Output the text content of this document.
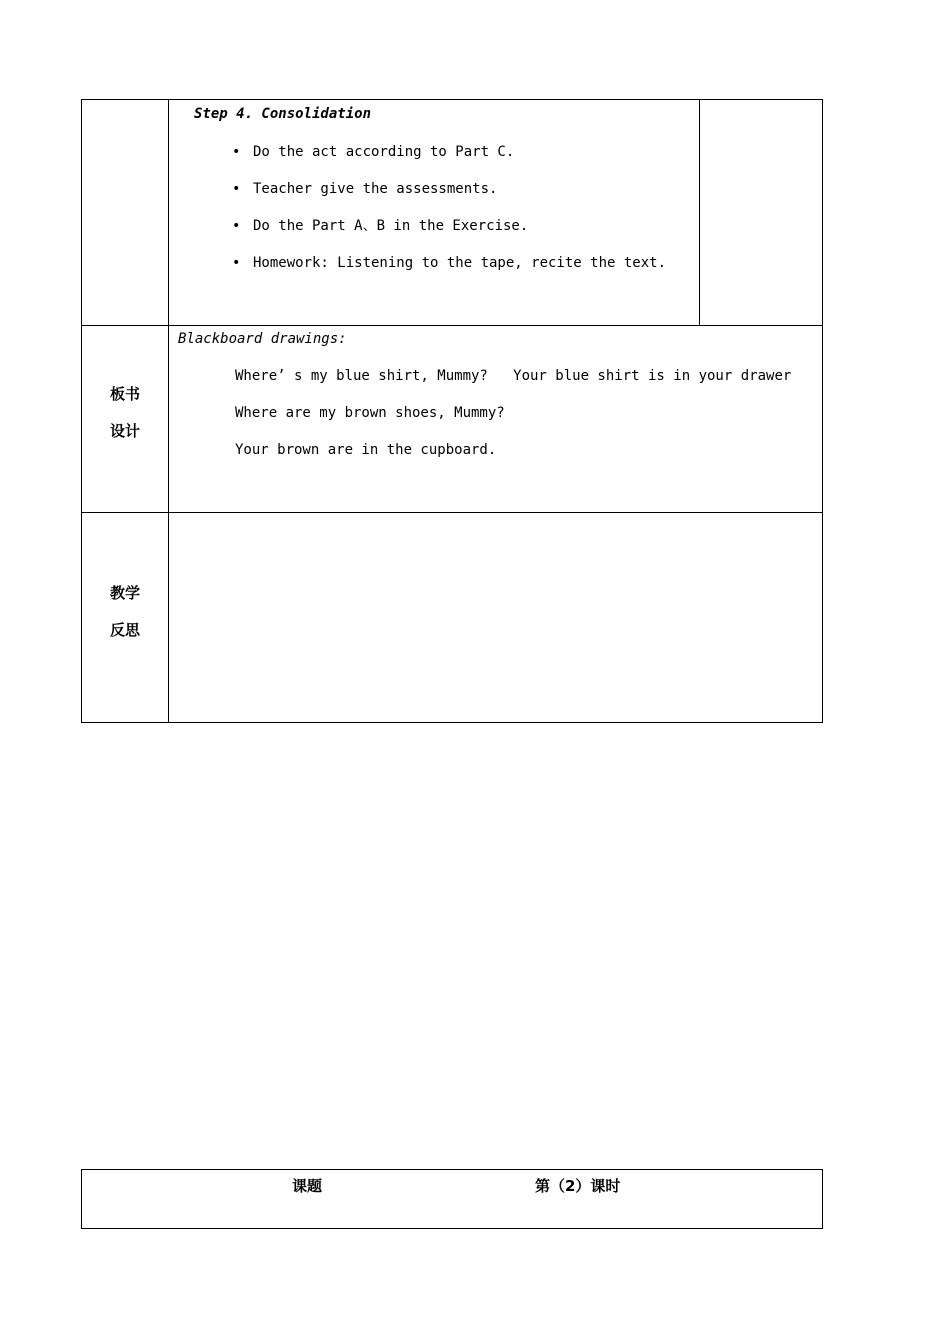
Step 4. Consolidation
• Do the act according to Part C.
• Teacher give the assessments.
• Do the Part A、B in the Exercise.
• Homework: Listening to the tape, recite the text.
板书
设计
Blackboard drawings:
Where’ s my blue shirt, Mummy?   Your blue shirt is in your drawer
Where are my brown shoes, Mummy?
Your brown are in the cupboard.
教学
反思
课题	第（2）课时
